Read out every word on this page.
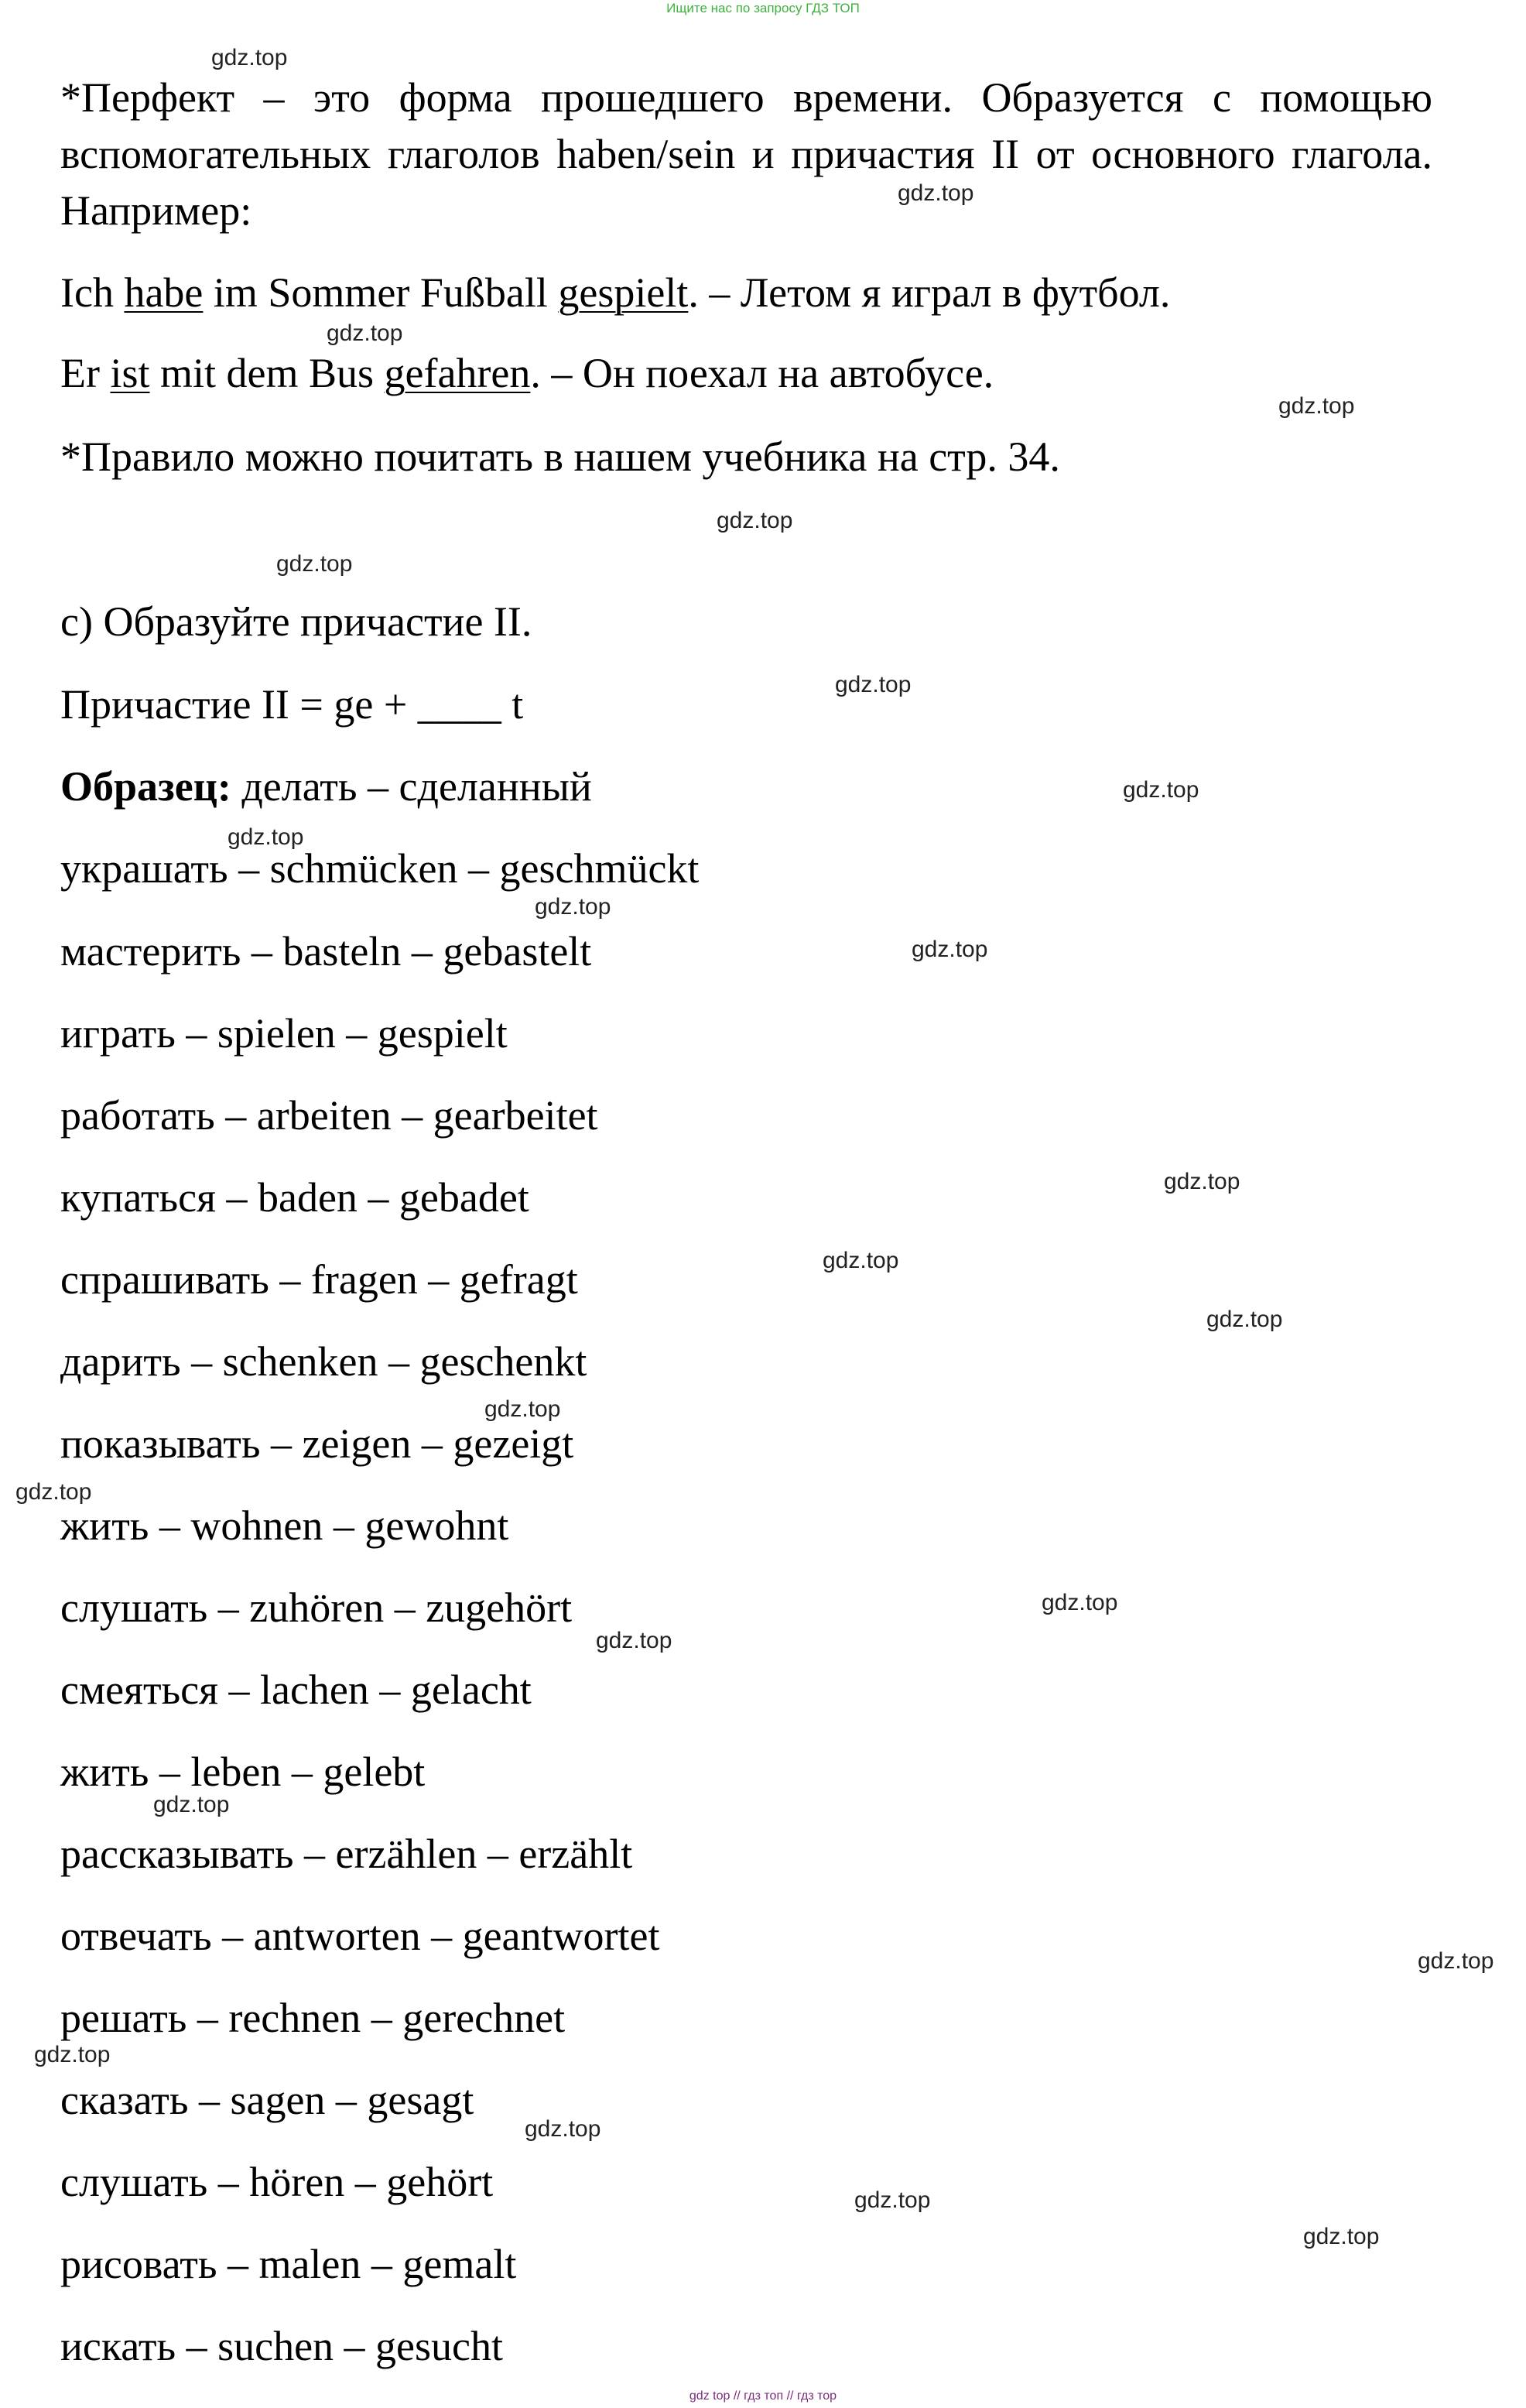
Ищите нас по запросу ГДЗ ТОП
*Перфект – это форма прошедшего времени. Образуется с помощью вспомогательных глаголов haben/sein и причастия II от основного глагола. Например:
Ich habe im Sommer Fußball gespielt. – Летом я играл в футбол.
Er ist mit dem Bus gefahren. – Он поехал на автобусе.
*Правило можно почитать в нашем учебника на стр. 34.
c) Образуйте причастие II.
Причастие II = ge + ____ t
Образец: делать – сделанный
украшать – schmücken – geschmückt
мастерить – basteln – gebastelt
играть – spielen – gespielt
работать – arbeiten – gearbeitet
купаться – baden – gebadet
спрашивать – fragen – gefragt
дарить – schenken – geschenkt
показывать – zeigen – gezeigt
жить – wohnen – gewohnt
слушать – zuhören – zugehört
смеяться – lachen – gelacht
жить – leben – gelebt
рассказывать – erzählen – erzählt
отвечать – antworten – geantwortet
решать – rechnen – gerechnet
сказать – sagen – gesagt
слушать – hören – gehört
рисовать – malen – gemalt
искать – suchen – gesucht
gdz.top
gdz.top
gdz.top
gdz.top
gdz.top
gdz.top
gdz.top
gdz.top
gdz.top
gdz.top
gdz.top
gdz.top
gdz.top
gdz.top
gdz.top
gdz.top
gdz.top
gdz.top
gdz.top
gdz.top
gdz.top
gdz.top
gdz.top
gdz.top
gdz top // гдз топ // гдз тор
